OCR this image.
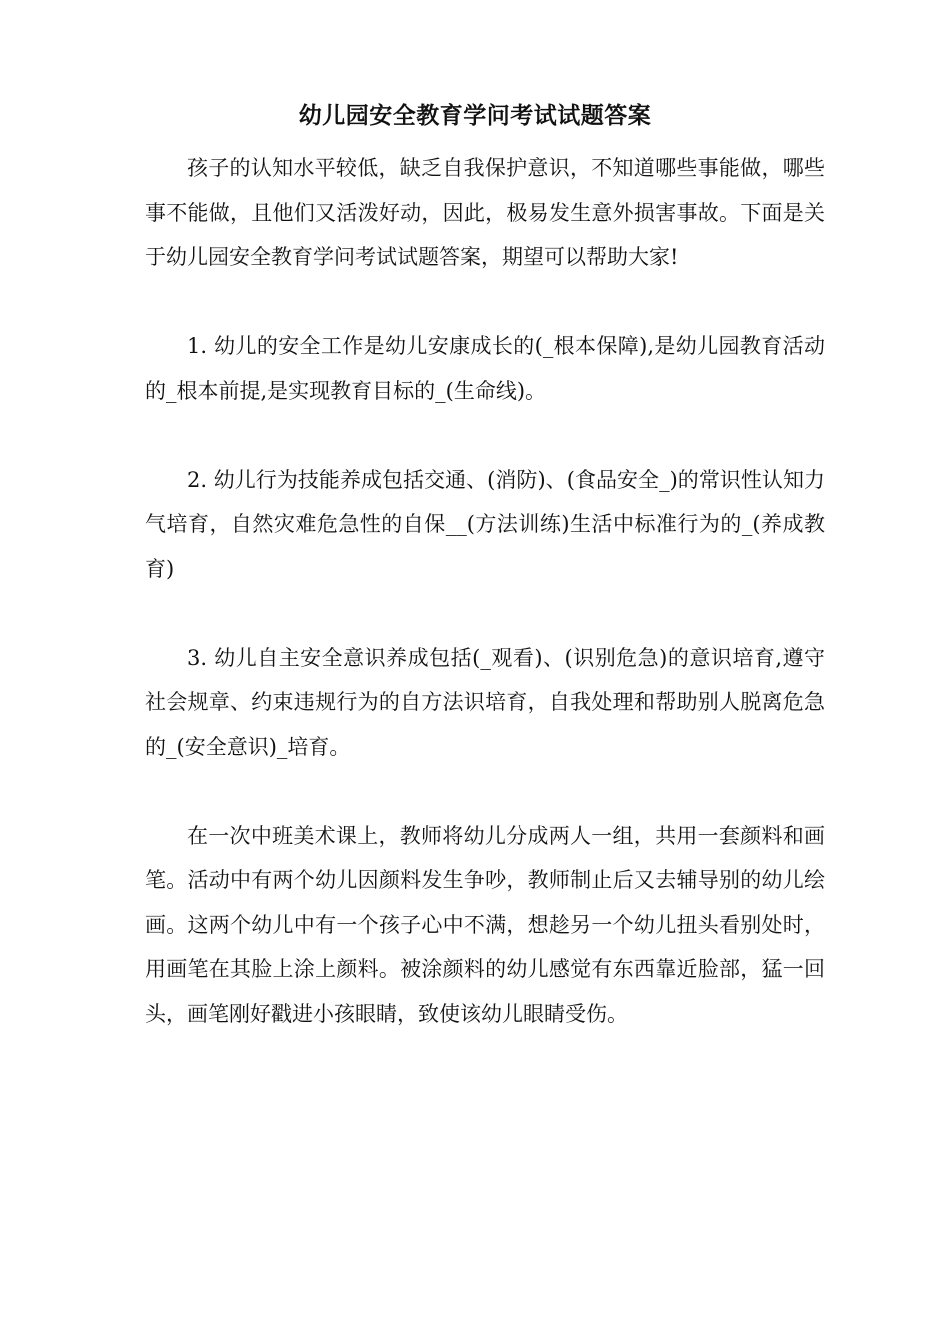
幼儿园安全教育学问考试试题答案

孩子的认知水平较低，缺乏自我保护意识，不知道哪些事能做，哪些事不能做，且他们又活泼好动，因此，极易发生意外损害事故。下面是关于幼儿园安全教育学问考试试题答案，期望可以帮助大家!

1. 幼儿的安全工作是幼儿安康成长的(_根本保障),是幼儿园教育活动的_根本前提,是实现教育目标的_(生命线)。

2. 幼儿行为技能养成包括交通、(消防)、(食品安全_)的常识性认知力气培育，自然灾难危急性的自保__(方法训练)生活中标准行为的_(养成教育)

3. 幼儿自主安全意识养成包括(_观看)、(识别危急)的意识培育,遵守社会规章、约束违规行为的自方法识培育，自我处理和帮助别人脱离危急的_(安全意识)_培育。

在一次中班美术课上，教师将幼儿分成两人一组，共用一套颜料和画笔。活动中有两个幼儿因颜料发生争吵，教师制止后又去辅导别的幼儿绘画。这两个幼儿中有一个孩子心中不满，想趁另一个幼儿扭头看别处时，用画笔在其脸上涂上颜料。被涂颜料的幼儿感觉有东西靠近脸部，猛一回头，画笔刚好戳进小孩眼睛，致使该幼儿眼睛受伤。
